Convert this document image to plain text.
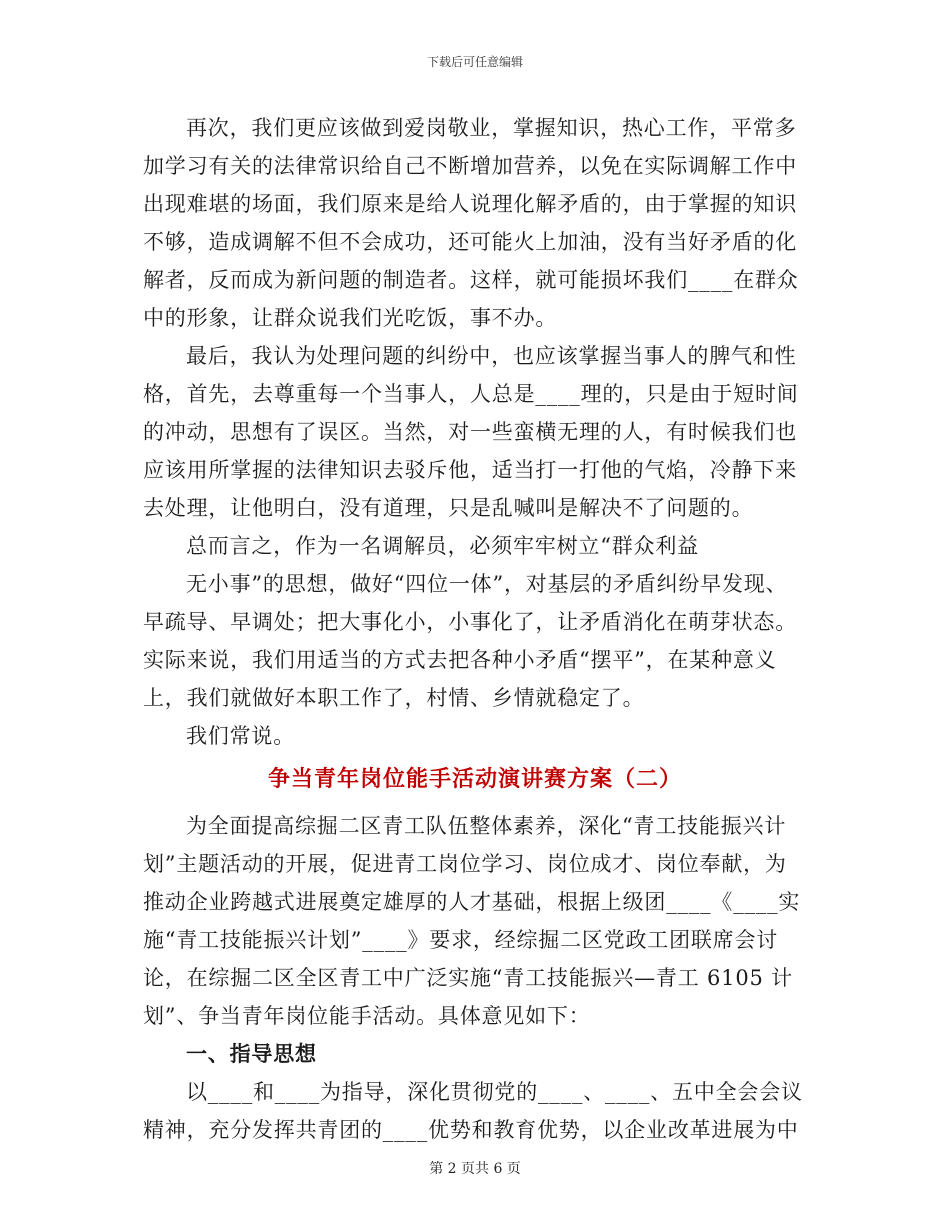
下载后可任意编辑
再次，我们更应该做到爱岗敬业，掌握知识，热心工作，平常多
加学习有关的法律常识给自己不断增加营养，以免在实际调解工作中
出现难堪的场面，我们原来是给人说理化解矛盾的，由于掌握的知识
不够，造成调解不但不会成功，还可能火上加油，没有当好矛盾的化
解者，反而成为新问题的制造者。这样，就可能损坏我们____在群众
中的形象，让群众说我们光吃饭，事不办。
最后，我认为处理问题的纠纷中，也应该掌握当事人的脾气和性
格，首先，去尊重每一个当事人，人总是____理的，只是由于短时间
的冲动，思想有了误区。当然，对一些蛮横无理的人，有时候我们也
应该用所掌握的法律知识去驳斥他，适当打一打他的气焰，冷静下来
去处理，让他明白，没有道理，只是乱喊叫是解决不了问题的。
总而言之，作为一名调解员，必须牢牢树立“群众利益
无小事”的思想，做好“四位一体”，对基层的矛盾纠纷早发现、
早疏导、早调处；把大事化小，小事化了，让矛盾消化在萌芽状态。
实际来说，我们用适当的方式去把各种小矛盾“摆平”，在某种意义
上，我们就做好本职工作了，村情、乡情就稳定了。
我们常说。
争当青年岗位能手活动演讲赛方案（二）
为全面提高综掘二区青工队伍整体素养，深化“青工技能振兴计
划”主题活动的开展，促进青工岗位学习、岗位成才、岗位奉献，为
推动企业跨越式进展奠定雄厚的人才基础，根据上级团____《____实
施“青工技能振兴计划”____》要求，经综掘二区党政工团联席会讨
论，在综掘二区全区青工中广泛实施“青工技能振兴—青工 6105 计
划”、争当青年岗位能手活动。具体意见如下：
一、指导思想
以____和____为指导，深化贯彻党的____、____、五中全会会议
精神，充分发挥共青团的____优势和教育优势，以企业改革进展为中
第 2 页共 6 页
